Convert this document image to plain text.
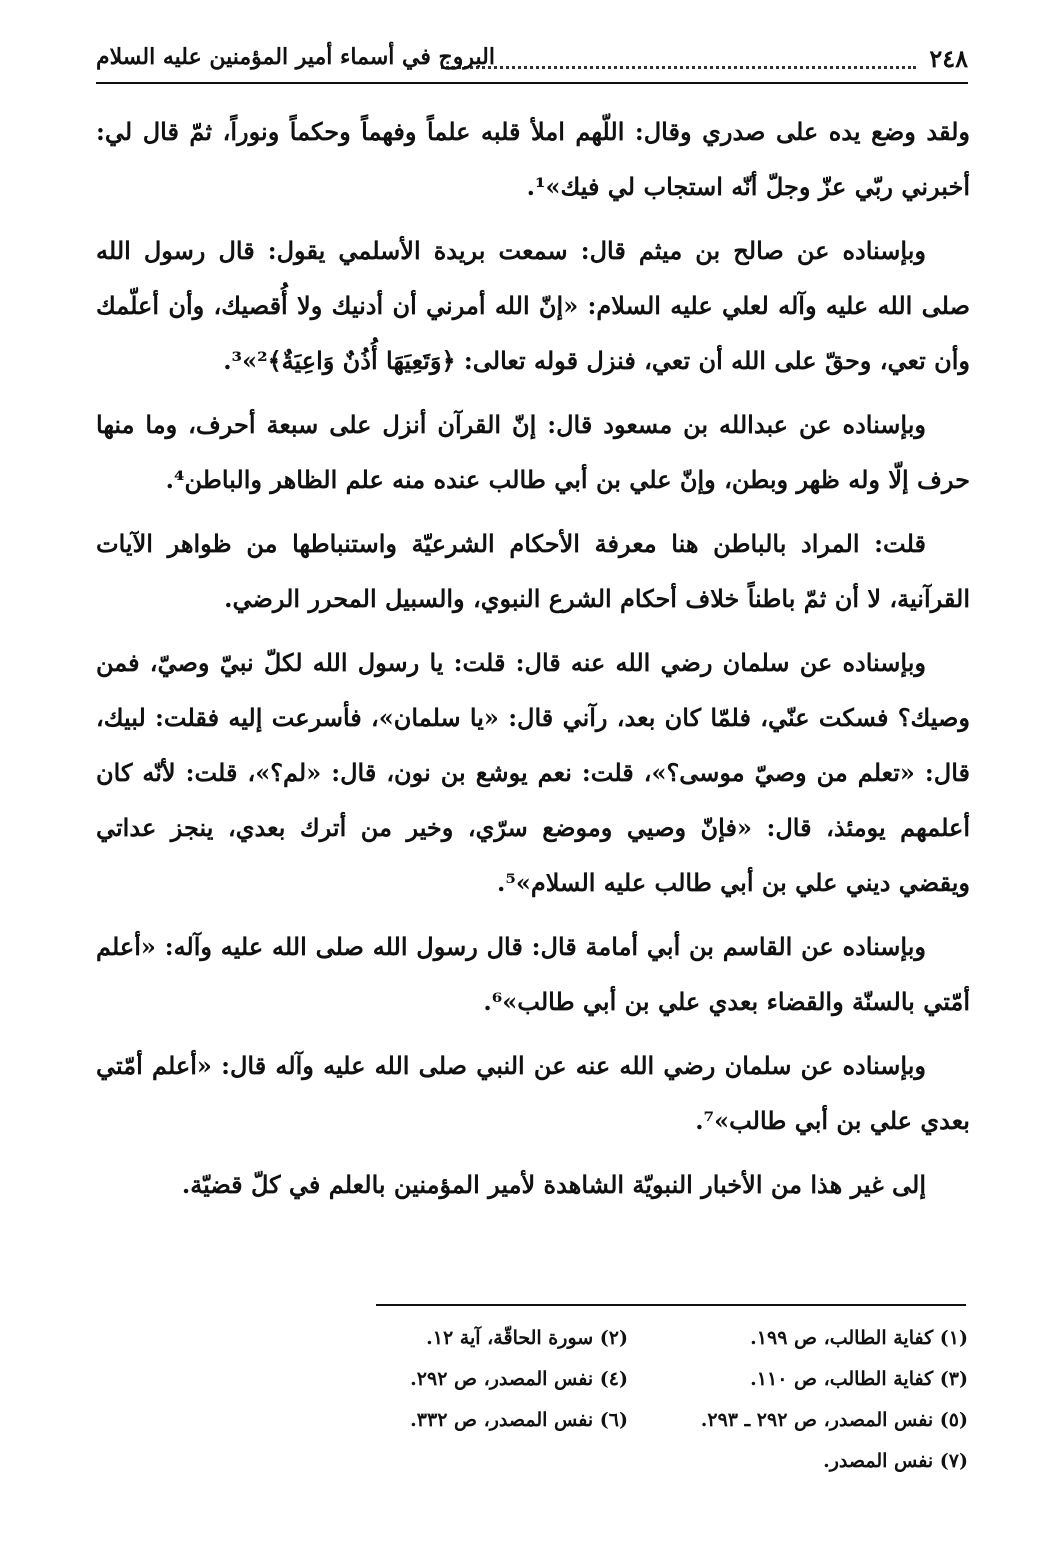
٢٤٨
البروج في أسماء أمير المؤمنين عليه السلام

ولقد وضع يده على صدري وقال: اللّهم املأ قلبه علماً وفهماً وحكماً ونوراً، ثمّ قال لي: أخبرني ربّي عزّ وجلّ أنّه استجاب لي فيك»¹.

وبإسناده عن صالح بن ميثم قال: سمعت بريدة الأسلمي يقول: قال رسول الله صلى الله عليه وآله لعلي عليه السلام: «إنّ الله أمرني أن أدنيك ولا أُقصيك، وأن أعلّمك وأن تعي، وحقّ على الله أن تعي، فنزل قوله تعالى: ﴿وَتَعِيَهَا أُذُنٌ وَاعِيَةٌ﴾²»³.

وبإسناده عن عبدالله بن مسعود قال: إنّ القرآن أنزل على سبعة أحرف، وما منها حرف إلّا وله ظهر وبطن، وإنّ علي بن أبي طالب عنده منه علم الظاهر والباطن⁴.

قلت: المراد بالباطن هنا معرفة الأحكام الشرعيّة واستنباطها من ظواهر الآيات القرآنية، لا أن ثمّ باطناً خلاف أحكام الشرع النبوي، والسبيل المحرر الرضي.

وبإسناده عن سلمان رضي الله عنه قال: قلت: يا رسول الله لكلّ نبيّ وصيّ، فمن وصيك؟ فسكت عنّي، فلمّا كان بعد، رآني قال: «يا سلمان»، فأسرعت إليه فقلت: لبيك، قال: «تعلم من وصيّ موسى؟»، قلت: نعم يوشع بن نون، قال: «لم؟»، قلت: لأنّه كان أعلمهم يومئذ، قال: «فإنّ وصيي وموضع سرّي، وخير من أترك بعدي، ينجز عداتي ويقضي ديني علي بن أبي طالب عليه السلام»⁵.

وبإسناده عن القاسم بن أبي أمامة قال: قال رسول الله صلى الله عليه وآله: «أعلم أمّتي بالسنّة والقضاء بعدي علي بن أبي طالب»⁶.

وبإسناده عن سلمان رضي الله عنه عن النبي صلى الله عليه وآله قال: «أعلم أمّتي بعدي علي بن أبي طالب»⁷.

إلى غير هذا من الأخبار النبويّة الشاهدة لأمير المؤمنين بالعلم في كلّ قضيّة.

(١) كفاية الطالب، ص ١٩٩.
(٢) سورة الحاقّة، آية ١٢.
(٣) كفاية الطالب، ص ١١٠.
(٤) نفس المصدر، ص ٢٩٢.
(٥) نفس المصدر، ص ٢٩٢ ـ ٢٩٣.
(٦) نفس المصدر، ص ٣٣٢.
(٧) نفس المصدر.
